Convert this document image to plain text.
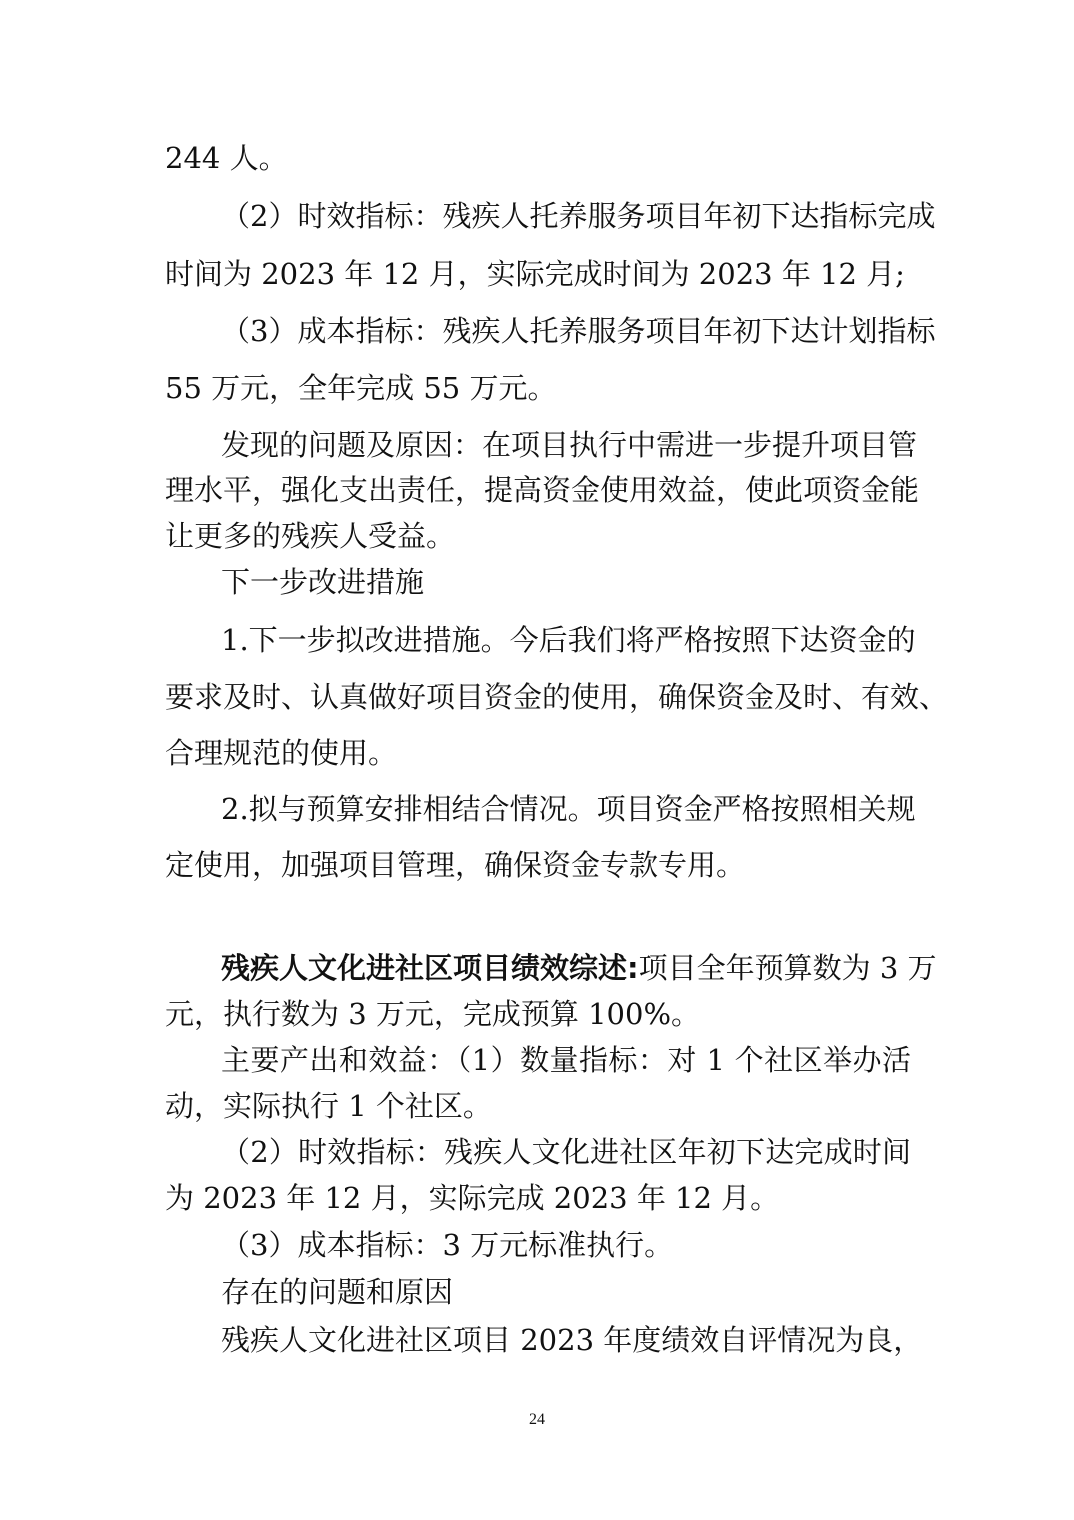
244 人。
（2）时效指标：残疾人托养服务项目年初下达指标完成
时间为 2023 年 12 月，实际完成时间为 2023 年 12 月;
（3）成本指标：残疾人托养服务项目年初下达计划指标
55 万元，全年完成 55 万元。
发现的问题及原因：在项目执行中需进一步提升项目管
理水平，强化支出责任，提高资金使用效益，使此项资金能
让更多的残疾人受益。
下一步改进措施
1.下一步拟改进措施。今后我们将严格按照下达资金的
要求及时、认真做好项目资金的使用，确保资金及时、有效、
合理规范的使用。
2.拟与预算安排相结合情况。项目资金严格按照相关规
定使用，加强项目管理，确保资金专款专用。
残疾人文化进社区项目绩效综述: 项目全年预算数为 3 万
元，执行数为 3 万元，完成预算 100%。
主要产出和效益：（1）数量指标：对 1 个社区举办活
动，实际执行 1 个社区。
（2）时效指标：残疾人文化进社区年初下达完成时间
为 2023 年 12 月，实际完成 2023 年 12 月。
（3）成本指标：3 万元标准执行。
存在的问题和原因
残疾人文化进社区项目 2023 年度绩效自评情况为良，
24
